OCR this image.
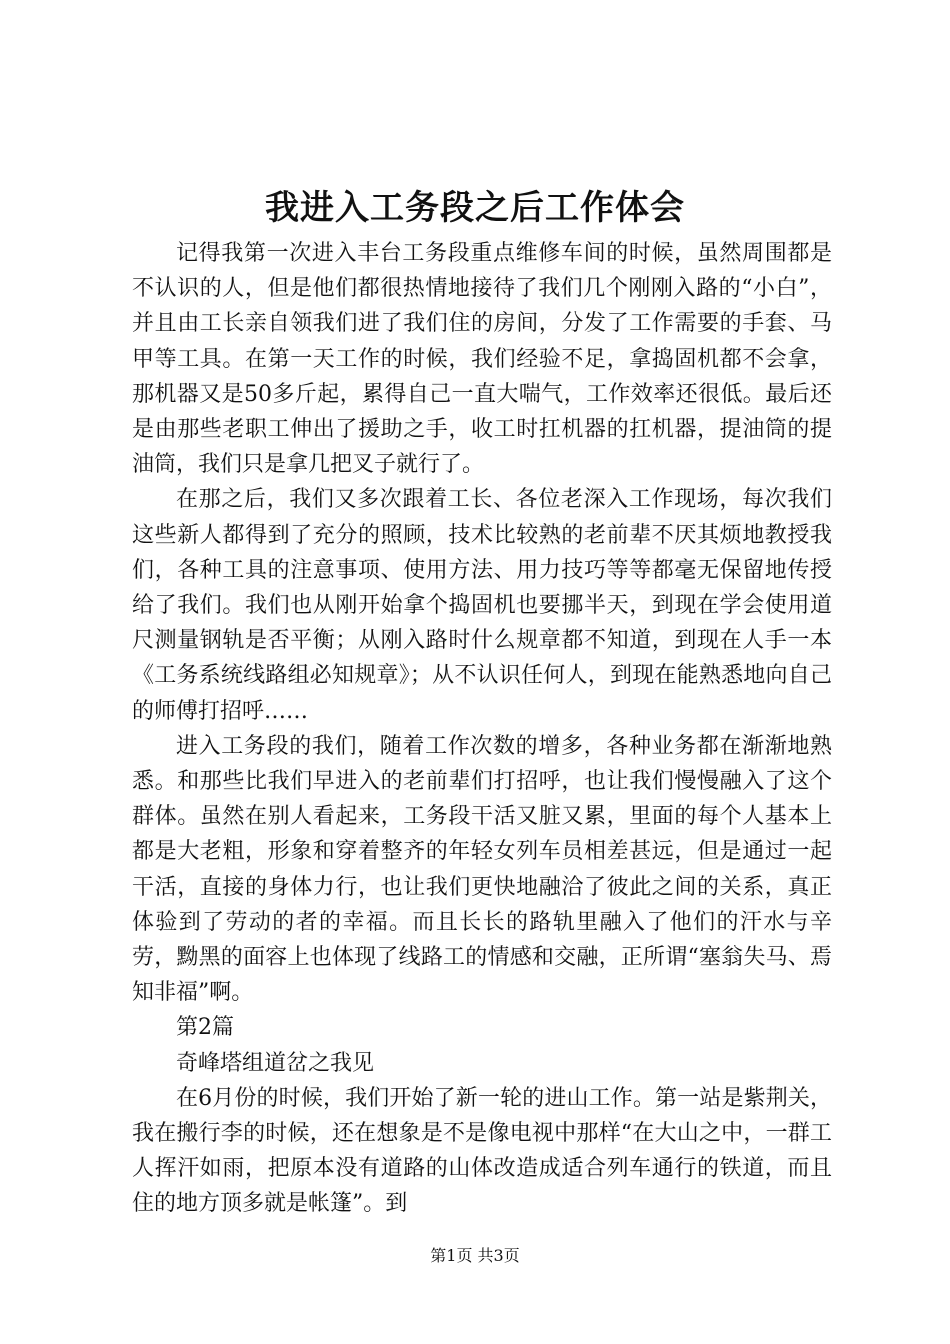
我进入工务段之后工作体会

记得我第一次进入丰台工务段重点维修车间的时候，虽然周围都是不认识的人，但是他们都很热情地接待了我们几个刚刚入路的“小白”，并且由工长亲自领我们进了我们住的房间，分发了工作需要的手套、马甲等工具。在第一天工作的时候，我们经验不足，拿捣固机都不会拿，那机器又是50多斤起，累得自己一直大喘气，工作效率还很低。最后还是由那些老职工伸出了援助之手，收工时扛机器的扛机器，提油筒的提油筒，我们只是拿几把叉子就行了。

在那之后，我们又多次跟着工长、各位老深入工作现场，每次我们这些新人都得到了充分的照顾，技术比较熟的老前辈不厌其烦地教授我们，各种工具的注意事项、使用方法、用力技巧等等都毫无保留地传授给了我们。我们也从刚开始拿个捣固机也要挪半天，到现在学会使用道尺测量钢轨是否平衡；从刚入路时什么规章都不知道，到现在人手一本《工务系统线路组必知规章》；从不认识任何人，到现在能熟悉地向自己的师傅打招呼……

进入工务段的我们，随着工作次数的增多，各种业务都在渐渐地熟悉。和那些比我们早进入的老前辈们打招呼，也让我们慢慢融入了这个群体。虽然在别人看起来，工务段干活又脏又累，里面的每个人基本上都是大老粗，形象和穿着整齐的年轻女列车员相差甚远，但是通过一起干活，直接的身体力行，也让我们更快地融洽了彼此之间的关系，真正体验到了劳动的者的幸福。而且长长的路轨里融入了他们的汗水与辛劳，黝黑的面容上也体现了线路工的情感和交融，正所谓“塞翁失马、焉知非福”啊。

第2篇

奇峰塔组道岔之我见

在6月份的时候，我们开始了新一轮的进山工作。第一站是紫荆关，我在搬行李的时候，还在想象是不是像电视中那样“在大山之中，一群工人挥汗如雨，把原本没有道路的山体改造成适合列车通行的铁道，而且住的地方顶多就是帐篷”。到

第1页 共3页
